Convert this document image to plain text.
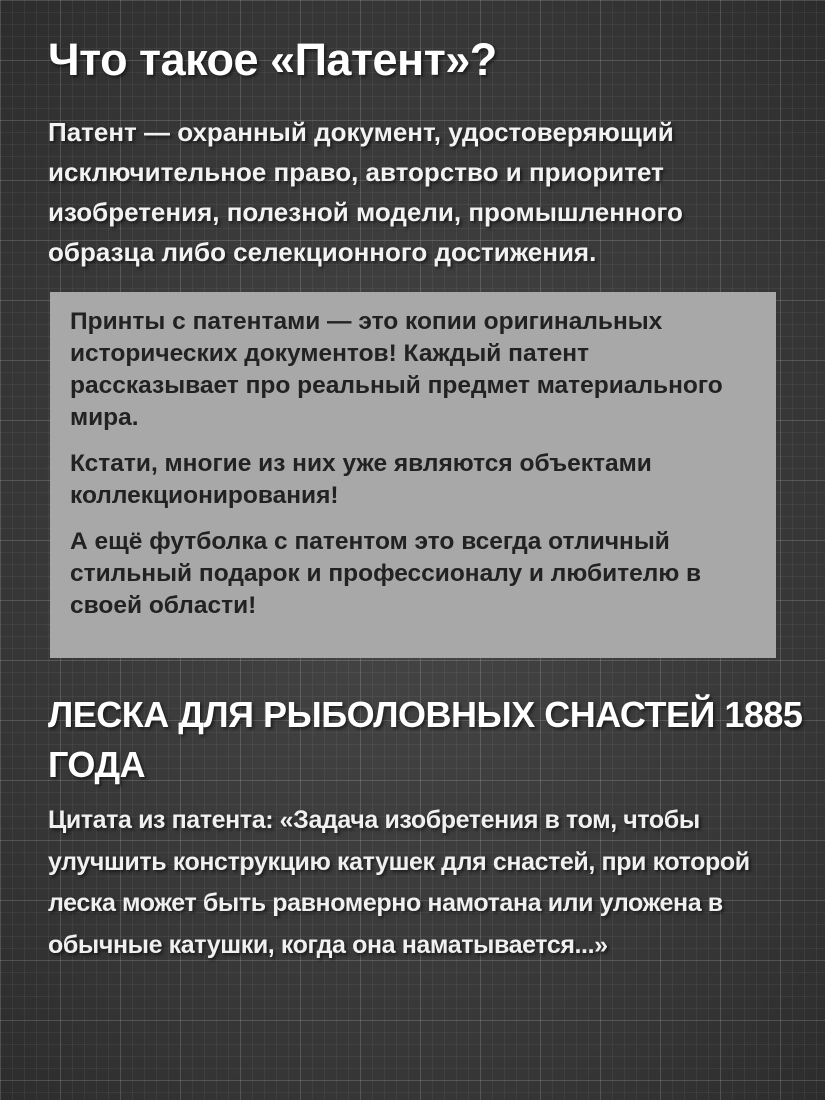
Что такое «Патент»?

Патент — охранный документ, удостоверяющий исключительное право, авторство и приоритет изобретения, полезной модели, промышленного образца либо селекционного достижения.

Принты с патентами — это копии оригинальных исторических документов! Каждый патент рассказывает про реальный предмет материального мира.

Кстати, многие из них уже являются объектами коллекционирования!

А ещё футболка с патентом это всегда отличный стильный подарок и профессионалу и любителю в своей области!

ЛЕСКА ДЛЯ РЫБОЛОВНЫХ СНАСТЕЙ 1885 ГОДА

Цитата из патента: «Задача изобретения в том, чтобы улучшить конструкцию катушек для снастей, при которой леска может быть равномерно намотана или уложена в обычные катушки, когда она наматывается...»
